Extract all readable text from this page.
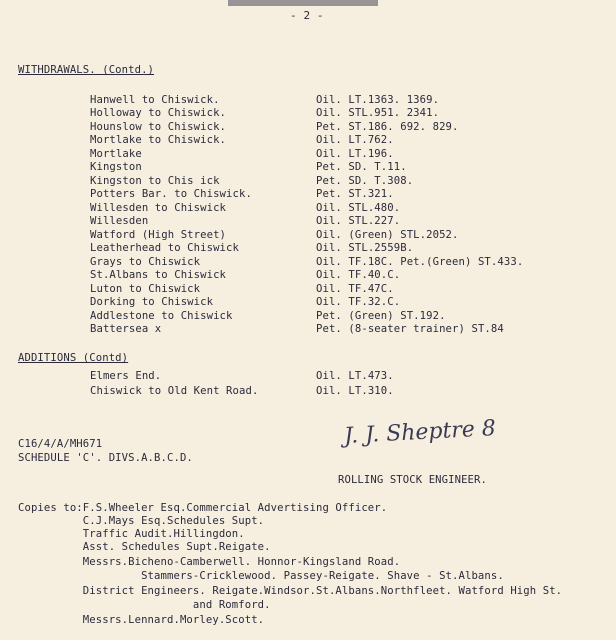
- 2 -
WITHDRAWALS. (Contd.)
Hanwell to Chiswick.	Oil. LT.1363. 1369.
Holloway to Chiswick.	Oil. STL.951. 2341.
Hounslow to Chiswick.	Pet. ST.186. 692. 829.
Mortlake to Chiswick.	Oil. LT.762.
Mortlake	Oil. LT.196.
Kingston	Pet. SD. T.11.
Kingston to Chis ick	Pet. SD. T.308.
Potters Bar. to Chiswick.	Pet. ST.321.
Willesden to Chiswick	Oil. STL.480.
Willesden	Oil. STL.227.
Watford (High Street)	Oil. (Green) STL.2052.
Leatherhead to Chiswick	Oil. STL.2559B.
Grays to Chiswick	Oil. TF.18C. Pet.(Green) ST.433.
St.Albans to Chiswick	Oil. TF.40.C.
Luton to Chiswick	Oil. TF.47C.
Dorking to Chiswick	Oil. TF.32.C.
Addlestone to Chiswick	Pet. (Green) ST.192.
Battersea x	Pet. (8-seater trainer) ST.84
ADDITIONS (Contd)
Elmers End.	Oil. LT.473.
Chiswick to Old Kent Road.	Oil. LT.310.
C16/4/A/MH671
SCHEDULE 'C'. DIVS.A.B.C.D.
J. J. Sheptre 8
ROLLING STOCK ENGINEER.
Copies to:F.S.Wheeler Esq.Commercial Advertising Officer.
C.J.Mays Esq.Schedules Supt.
Traffic Audit.Hillingdon.
Asst. Schedules Supt.Reigate.
Messrs.Bicheno-Camberwell. Honnor-Kingsland Road.
Stammers-Cricklewood. Passey-Reigate. Shave - St.Albans.
District Engineers. Reigate.Windsor.St.Albans.Northfleet. Watford High St.
and Romford.
Messrs.Lennard.Morley.Scott.
